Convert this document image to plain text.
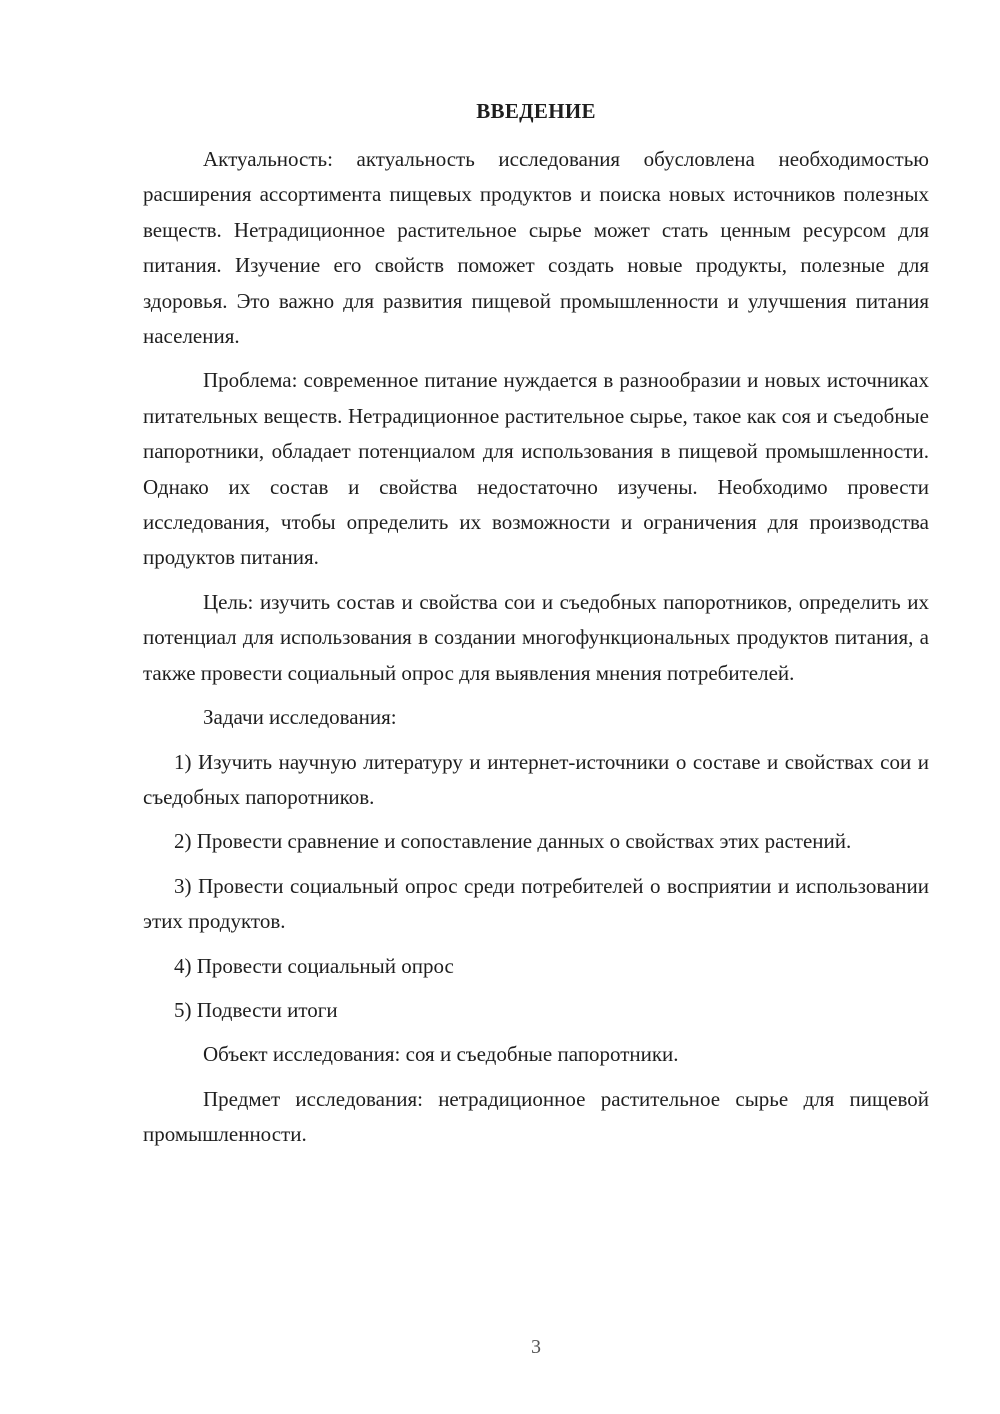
ВВЕДЕНИЕ

Актуальность: актуальность исследования обусловлена необходимостью расширения ассортимента пищевых продуктов и поиска новых источников полезных веществ. Нетрадиционное растительное сырье может стать ценным ресурсом для питания. Изучение его свойств поможет создать новые продукты, полезные для здоровья. Это важно для развития пищевой промышленности и улучшения питания населения.

Проблема: современное питание нуждается в разнообразии и новых источниках питательных веществ. Нетрадиционное растительное сырье, такое как соя и съедобные папоротники, обладает потенциалом для использования в пищевой промышленности. Однако их состав и свойства недостаточно изучены. Необходимо провести исследования, чтобы определить их возможности и ограничения для производства продуктов питания.

Цель: изучить состав и свойства сои и съедобных папоротников, определить их потенциал для использования в создании многофункциональных продуктов питания, а также провести социальный опрос для выявления мнения потребителей.

Задачи исследования:

1) Изучить научную литературу и интернет-источники о составе и свойствах сои и съедобных папоротников.

2) Провести сравнение и сопоставление данных о свойствах этих растений.

3) Провести социальный опрос среди потребителей о восприятии и использовании этих продуктов.

4) Провести социальный опрос

5) Подвести итоги

Объект исследования: соя и съедобные папоротники.

Предмет исследования: нетрадиционное растительное сырье для пищевой промышленности.

3
